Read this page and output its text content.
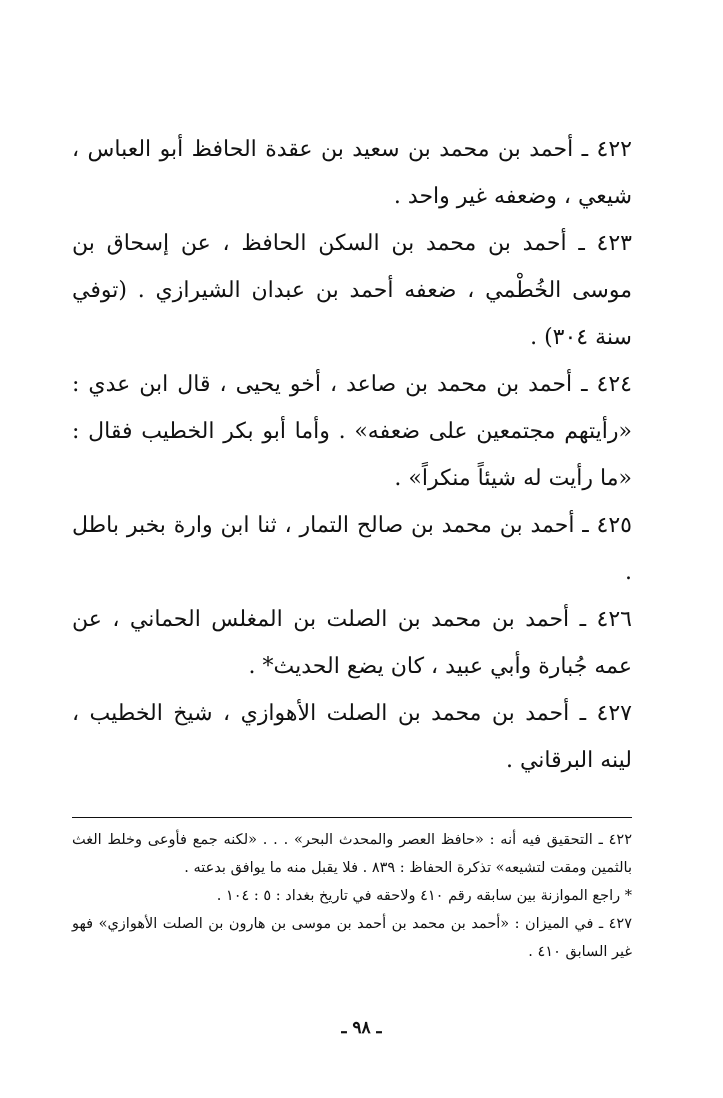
٤٢٢ ـ أحمد بن محمد بن سعيد بن عقدة الحافظ أبو العباس ، شيعي ، وضعفه غير واحد .

٤٢٣ ـ أحمد بن محمد بن السكن الحافظ ، عن إسحاق بن موسى الخُطْمي ، ضعفه أحمد بن عبدان الشيرازي . (توفي سنة ٣٠٤) .

٤٢٤ ـ أحمد بن محمد بن صاعد ، أخو يحيى ، قال ابن عدي : «رأيتهم مجتمعين على ضعفه» . وأما أبو بكر الخطيب فقال : «ما رأيت له شيئاً منكراً» .

٤٢٥ ـ أحمد بن محمد بن صالح التمار ، ثنا ابن وارة بخبر باطل .

٤٢٦ ـ أحمد بن محمد بن الصلت بن المغلس الحماني ، عن عمه جُبارة وأبي عبيد ، كان يضع الحديث* .

٤٢٧ ـ أحمد بن محمد بن الصلت الأهوازي ، شيخ الخطيب ، لينه البرقاني .

٤٢٢ ـ التحقيق فيه أنه : «حافظ العصر والمحدث البحر» . . . «لكنه جمع فأوعى وخلط الغث بالثمين ومقت لتشيعه» تذكرة الحفاظ : ٨٣٩ . فلا يقبل منه ما يوافق بدعته .

* راجع الموازنة بين سابقه رقم ٤١٠ ولاحقه في تاريخ بغداد : ٥ : ١٠٤ .

٤٢٧ ـ في الميزان : «أحمد بن محمد بن أحمد بن موسى بن هارون بن الصلت الأهوازي» فهو غير السابق ٤١٠ .

ـ ٩٨ ـ
